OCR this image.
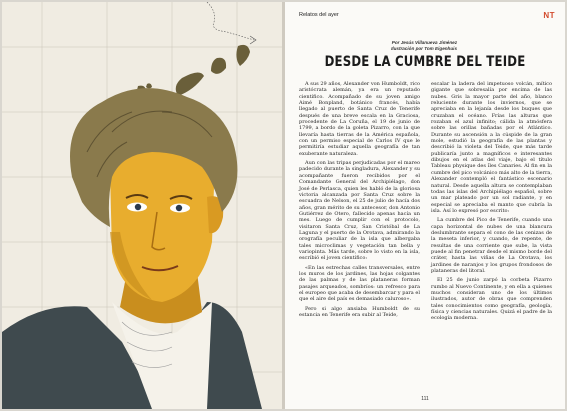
Relatos del ayer	NT
Por Jesús Villanueva Jiménez
Ilustración por Tom Eigenhuis
DESDE LA CUMBRE DEL TEIDE

A sus 29 años, Alexander von Humboldt, rico aristócrata alemán, ya era un reputado científico. Acompañado de su joven amigo Aimé Bonpland, botánico francés, había llegado al puerto de Santa Cruz de Tenerife después de una breve escala en la Graciosa, procedente de La Coruña, el 19 de junio de 1799, a bordo de la goleta Pizarro, con la que llevaría hasta tierras de la América española, con un permiso especial de Carlos IV que le permitiría estudiar aquella geografía de tan exuberante naturaleza.

Aun con las tripas perjudicadas por el mareo padecido durante la singladura, Alexander y su acompañante fueron recibidos por el Comandante General del Archipiélago, don José de Perlasca, quien les habló de la gloriosa victoria alcanzada por Santa Cruz sobre la escuadra de Nelson, el 25 de julio de hacía dos años, gran mérito de su antecesor, don Antonio Gutiérrez de Otero, fallecido apenas hacía un mes. Luego de cumplir con el protocolo, visitaron Santa Cruz, San Cristóbal de La Laguna y el puerto de la Orotava, admirando la orografía peculiar de la isla que albergaba tales microclimas y vegetación tan bella y variopinta. Más tarde, sobre lo visto en la isla, escribió el joven científico:

«En las estrechas calles transversales, entre los muros de los jardines, las hojas colgantes de las palmas y de las plataneras forman pasajes arqueados, sombríos: un refresco para el europeo que acaba de desembarcar y para el que el aire del país es demasiado caluroso».

Pero si algo ansiaba Humboldt de su estancia en Tenerife era subir al Teide,

escalar la ladera del impetuoso volcán, mítico gigante que sobresalía por encima de las nubes. Gris la mayor parte del año, blanco reluciente durante los inviernos, que se apreciaba en la lejanía desde los buques que cruzaban el océano. Frías las alturas que rozaban el azul infinito; cálida la atmósfera sobre las orillas bañadas por el Atlántico. Durante su ascensión a la cúspide de la gran mole, estudió la geografía de las plantas y describió la violeta del Teide, que más tarde publicaría junto a magníficos e interesantes dibujos en el atlas del viaje, bajo el título Tableau physique des îles Canaries. Al fin en la cumbre del pico volcánico más alto de la tierra, Alexander contempló el fantástico escenario natural. Desde aquella altura se contemplaban todas las islas del Archipiélago español, sobre un mar plateado por un sol radiante, y en especial se apreciaba el manto que cubría la isla. Así lo expresó por escrito:

La cumbre del Pico de Tenerife, cuando una capa horizontal de nubes de una blancura deslumbrante separa el cono de las cenizas de la meseta inferior, y cuando, de repente, de resultas de una corriente que sube, la vista puede al fin penetrar desde el mismo borde del cráter, hasta las viñas de La Orotava, los jardines de naranjos y los grupos frondosos de plataneras del litoral.

El 25 de junio zarpó la corbeta Pizarro rumbo al Nuevo Continente, y en ella a quienes muchos consideran uno de los últimos ilustrados, autor de obras que comprenden tales conocimientos como geografía, geología, física y ciencias naturales. Quizá el padre de la ecología moderna.

111
